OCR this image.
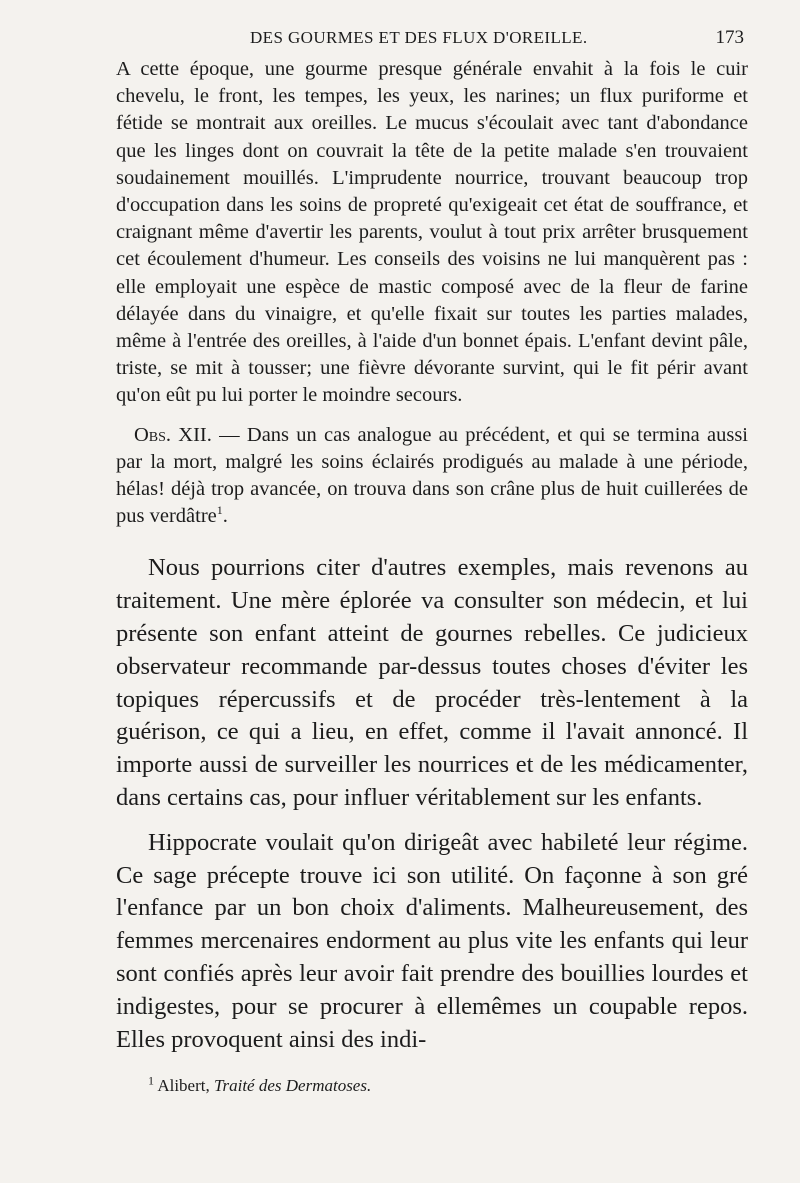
DES GOURMES ET DES FLUX D'OREILLE.	173

A cette époque, une gourme presque générale envahit à la fois le cuir chevelu, le front, les tempes, les yeux, les narines; un flux puriforme et fétide se montrait aux oreilles. Le mucus s'écoulait avec tant d'abondance que les linges dont on couvrait la tête de la petite malade s'en trouvaient soudainement mouillés. L'imprudente nourrice, trouvant beaucoup trop d'occupation dans les soins de propreté qu'exigeait cet état de souffrance, et craignant même d'avertir les parents, voulut à tout prix arrêter brusquement cet écoulement d'humeur. Les conseils des voisins ne lui manquèrent pas : elle employait une espèce de mastic composé avec de la fleur de farine délayée dans du vinaigre, et qu'elle fixait sur toutes les parties malades, même à l'entrée des oreilles, à l'aide d'un bonnet épais. L'enfant devint pâle, triste, se mit à tousser; une fièvre dévorante survint, qui le fit périr avant qu'on eût pu lui porter le moindre secours.

Obs. XII. — Dans un cas analogue au précédent, et qui se termina aussi par la mort, malgré les soins éclairés prodigués au malade à une période, hélas! déjà trop avancée, on trouva dans son crâne plus de huit cuillerées de pus verdâtre$^1$.

Nous pourrions citer d'autres exemples, mais revenons au traitement. Une mère éplorée va consulter son médecin, et lui présente son enfant atteint de gournes rebelles. Ce judicieux observateur recommande par-dessus toutes choses d'éviter les topiques répercussifs et de procéder très-lentement à la guérison, ce qui a lieu, en effet, comme il l'avait annoncé. Il importe aussi de surveiller les nourrices et de les médicamenter, dans certains cas, pour influer véritablement sur les enfants.

Hippocrate voulait qu'on dirigeât avec habileté leur régime. Ce sage précepte trouve ici son utilité. On façonne à son gré l'enfance par un bon choix d'aliments. Malheureusement, des femmes mercenaires endorment au plus vite les enfants qui leur sont confiés après leur avoir fait prendre des bouillies lourdes et indigestes, pour se procurer à ellemêmes un coupable repos. Elles provoquent ainsi des indi-

$^1$ Alibert, Traité des Dermatoses.
